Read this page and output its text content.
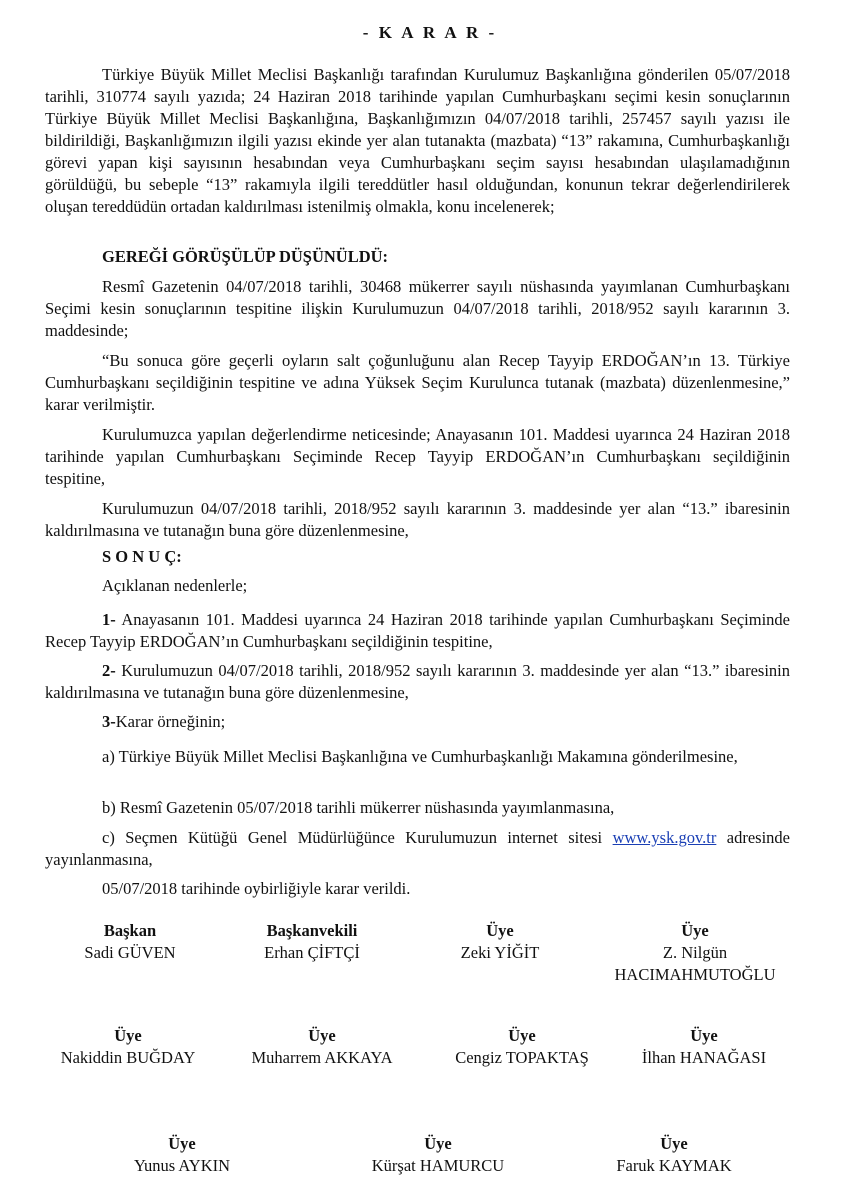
- K A R A R -
Türkiye Büyük Millet Meclisi Başkanlığı tarafından Kurulumuz Başkanlığına gönderilen 05/07/2018 tarihli, 310774 sayılı yazıda; 24 Haziran 2018 tarihinde yapılan Cumhurbaşkanı seçimi kesin sonuçlarının Türkiye Büyük Millet Meclisi Başkanlığına, Başkanlığımızın 04/07/2018 tarihli, 257457 sayılı yazısı ile bildirildiği, Başkanlığımızın ilgili yazısı ekinde yer alan tutanakta (mazbata) “13” rakamına, Cumhurbaşkanlığı görevi yapan kişi sayısının hesabından veya Cumhurbaşkanı seçim sayısı hesabından ulaşılamadığının görüldüğü, bu sebeple “13” rakamıyla ilgili tereddütler hasıl olduğundan, konunun tekrar değerlendirilerek oluşan tereddüdün ortadan kaldırılması istenilmiş olmakla, konu incelenerek;
GEREĞİ GÖRÜŞÜLÜP DÜŞÜNÜLDÜ:
Resmî Gazetenin 04/07/2018 tarihli, 30468 mükerrer sayılı nüshasında yayımlanan Cumhurbaşkanı Seçimi kesin sonuçlarının tespitine ilişkin Kurulumuzun 04/07/2018 tarihli, 2018/952 sayılı kararının 3. maddesinde;
“Bu sonuca göre geçerli oyların salt çoğunluğunu alan Recep Tayyip ERDOĞAN’ın 13. Türkiye Cumhurbaşkanı seçildiğinin tespitine ve adına Yüksek Seçim Kurulunca tutanak (mazbata) düzenlenmesine,” karar verilmiştir.
Kurulumuzca yapılan değerlendirme neticesinde; Anayasanın 101. Maddesi uyarınca 24 Haziran 2018 tarihinde yapılan Cumhurbaşkanı Seçiminde Recep Tayyip ERDOĞAN’ın Cumhurbaşkanı seçildiğinin tespitine,
Kurulumuzun 04/07/2018 tarihli, 2018/952 sayılı kararının 3. maddesinde yer alan “13.” ibaresinin kaldırılmasına ve tutanağın buna göre düzenlenmesine,
S O N U Ç:
Açıklanan nedenlerle;
1- Anayasanın 101. Maddesi uyarınca 24 Haziran 2018 tarihinde yapılan Cumhurbaşkanı Seçiminde Recep Tayyip ERDOĞAN’ın Cumhurbaşkanı seçildiğinin tespitine,
2- Kurulumuzun 04/07/2018 tarihli, 2018/952 sayılı kararının 3. maddesinde yer alan “13.” ibaresinin kaldırılmasına ve tutanağın buna göre düzenlenmesine,
3-Karar örneğinin;
a) Türkiye Büyük Millet Meclisi Başkanlığına ve Cumhurbaşkanlığı Makamına gönderilmesine,
b) Resmî Gazetenin 05/07/2018 tarihli mükerrer nüshasında yayımlanmasına,
c) Seçmen Kütüğü Genel Müdürlüğünce Kurulumuzun internet sitesi www.ysk.gov.tr adresinde yayınlanmasına,
05/07/2018 tarihinde oybirliğiyle karar verildi.
Başkan
Sadi GÜVEN
Başkanvekili
Erhan ÇİFTÇİ
Üye
Zeki YİĞİT
Üye
Z. Nilgün HACIMAHMUTOĞLU
Üye
Nakiddin BUĞDAY
Üye
Muharrem AKKAYA
Üye
Cengiz TOPAKTAŞ
Üye
İlhan HANAĞASI
Üye
Yunus AYKIN
Üye
Kürşat HAMURCU
Üye
Faruk KAYMAK
